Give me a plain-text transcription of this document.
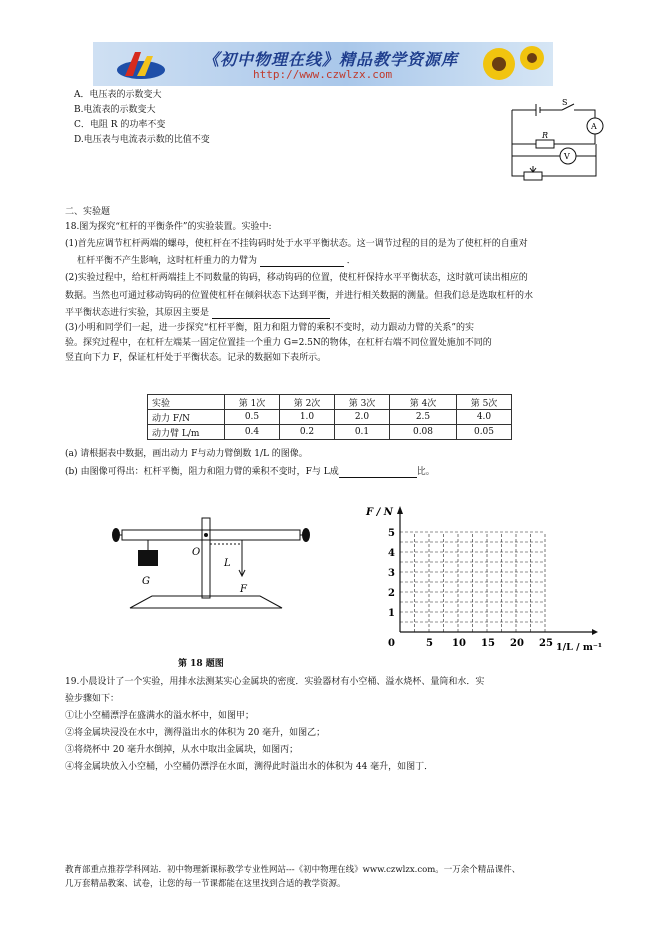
《初中物理在线》精品教学资源库
http://www.czwlzx.com
A．电压表的示数变大
B.电流表的示数变大
C．电阻 R 的功率不变
D.电压表与电流表示数的比值不变
S
R
A
V
二、实验题
18.图为探究“杠杆的平衡条件”的实验装置。实验中:
(1)首先应调节杠杆两端的螺母，使杠杆在不挂钩码时处于水平平衡状态。这一调节过程的目的是为了使杠杆的自重对
杠杆平衡不产生影响，这时杠杆重力的力臂为	．
(2)实验过程中，给杠杆两端挂上不同数量的钩码，移动钩码的位置，使杠杆保持水平平衡状态，这时就可读出相应的
数据。当然也可通过移动钩码的位置使杠杆在倾斜状态下达到平衡，并进行相关数据的测量。但我们总是选取杠杆的水
平平衡状态进行实验，其原因主要是
(3)小明和同学们一起，进一步探究“杠杆平衡，阻力和阻力臂的乘积不变时，动力跟动力臂的关系”的实
验。探究过程中，在杠杆左端某一固定位置挂一个重力 G=2.5N的物体，在杠杆右端不同位置处施加不同的
竖直向下力 F，保证杠杆处于平衡状态。记录的数据如下表所示。
实验	第 1次	第 2次	第 3次	第 4次	第 5次
动力 F/N	0.5	1.0	2.0	2.5	4.0
动力臂 L/m	0.4	0.2	0.1	0.08	0.05
(a) 请根据表中数据，画出动力 F与动力臂倒数 1/L 的图像。
(b) 由图像可得出：杠杆平衡，阻力和阻力臂的乘积不变时，F与 L成	比。
O
L
F
G
第 18 题图
F / N
1/L / m⁻¹
0
1
2
3
4
5
5 10 15 20 25
19.小晨设计了一个实验，用排水法测某实心金属块的密度．实验器材有小空桶、溢水烧杯、量筒和水．实
验步骤如下：
①让小空桶漂浮在盛满水的溢水杯中，如图甲；
②将金属块浸没在水中，测得溢出水的体积为 20 毫升，如图乙；
③将烧杯中 20 毫升水倒掉，从水中取出金属块，如图丙；
④将金属块放入小空桶，小空桶仍漂浮在水面，测得此时溢出水的体积为 44 毫升，如图丁．
教育部重点推荐学科网站．初中物理新课标教学专业性网站---《初中物理在线》www.czwlzx.com。一万余个精品课件、
几万套精品教案、试卷，让您的每一节课都能在这里找到合适的教学资源。
